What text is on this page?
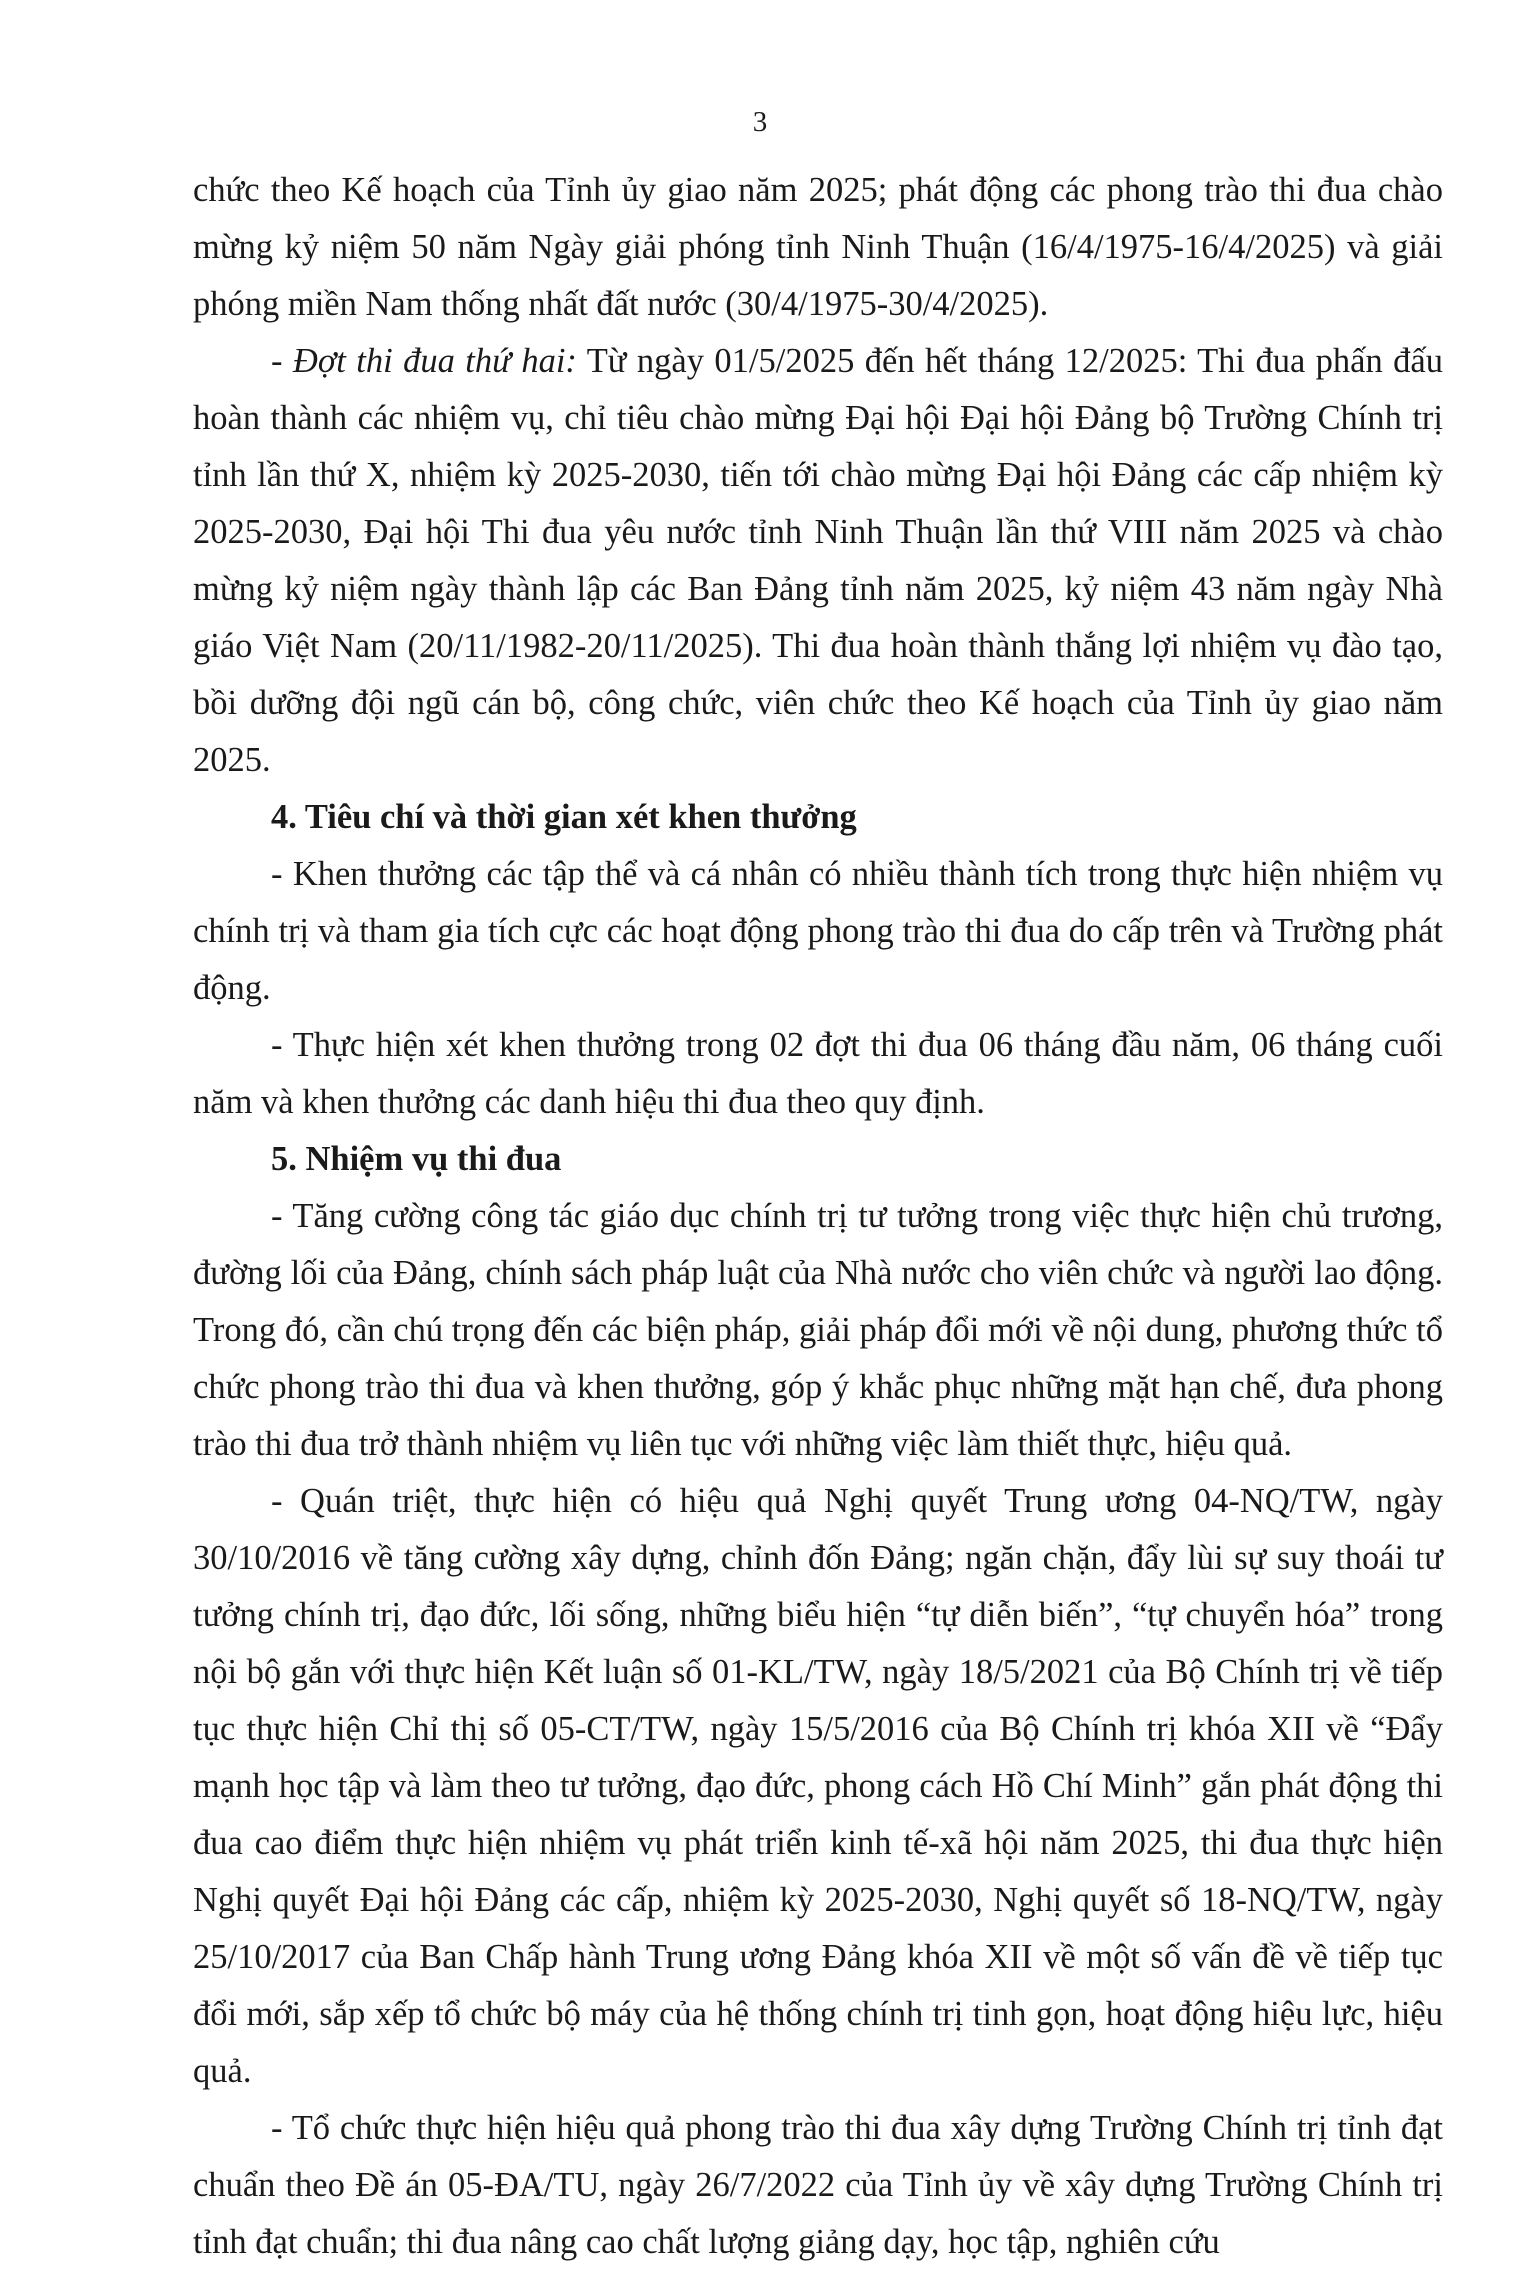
3

chức theo Kế hoạch của Tỉnh ủy giao năm 2025; phát động các phong trào thi đua chào mừng kỷ niệm 50 năm Ngày giải phóng tỉnh Ninh Thuận (16/4/1975-16/4/2025) và giải phóng miền Nam thống nhất đất nước (30/4/1975-30/4/2025).

- Đợt thi đua thứ hai: Từ ngày 01/5/2025 đến hết tháng 12/2025: Thi đua phấn đấu hoàn thành các nhiệm vụ, chỉ tiêu chào mừng Đại hội Đại hội Đảng bộ Trường Chính trị tỉnh lần thứ X, nhiệm kỳ 2025-2030, tiến tới chào mừng Đại hội Đảng các cấp nhiệm kỳ 2025-2030, Đại hội Thi đua yêu nước tỉnh Ninh Thuận lần thứ VIII năm 2025 và chào mừng kỷ niệm ngày thành lập các Ban Đảng tỉnh năm 2025, kỷ niệm 43 năm ngày Nhà giáo Việt Nam (20/11/1982-20/11/2025). Thi đua hoàn thành thắng lợi nhiệm vụ đào tạo, bồi dưỡng đội ngũ cán bộ, công chức, viên chức theo Kế hoạch của Tỉnh ủy giao năm 2025.

4. Tiêu chí và thời gian xét khen thưởng

- Khen thưởng các tập thể và cá nhân có nhiều thành tích trong thực hiện nhiệm vụ chính trị và tham gia tích cực các hoạt động phong trào thi đua do cấp trên và Trường phát động.

- Thực hiện xét khen thưởng trong 02 đợt thi đua 06 tháng đầu năm, 06 tháng cuối năm và khen thưởng các danh hiệu thi đua theo quy định.

5. Nhiệm vụ thi đua

- Tăng cường công tác giáo dục chính trị tư tưởng trong việc thực hiện chủ trương, đường lối của Đảng, chính sách pháp luật của Nhà nước cho viên chức và người lao động. Trong đó, cần chú trọng đến các biện pháp, giải pháp đổi mới về nội dung, phương thức tổ chức phong trào thi đua và khen thưởng, góp ý khắc phục những mặt hạn chế, đưa phong trào thi đua trở thành nhiệm vụ liên tục với những việc làm thiết thực, hiệu quả.

- Quán triệt, thực hiện có hiệu quả Nghị quyết Trung ương 04-NQ/TW, ngày 30/10/2016 về tăng cường xây dựng, chỉnh đốn Đảng; ngăn chặn, đẩy lùi sự suy thoái tư tưởng chính trị, đạo đức, lối sống, những biểu hiện “tự diễn biến”, “tự chuyển hóa” trong nội bộ gắn với thực hiện Kết luận số 01-KL/TW, ngày 18/5/2021 của Bộ Chính trị về tiếp tục thực hiện Chỉ thị số 05-CT/TW, ngày 15/5/2016 của Bộ Chính trị khóa XII về “Đẩy mạnh học tập và làm theo tư tưởng, đạo đức, phong cách Hồ Chí Minh” gắn phát động thi đua cao điểm thực hiện nhiệm vụ phát triển kinh tế-xã hội năm 2025, thi đua thực hiện Nghị quyết Đại hội Đảng các cấp, nhiệm kỳ 2025-2030, Nghị quyết số 18-NQ/TW, ngày 25/10/2017 của Ban Chấp hành Trung ương Đảng khóa XII về một số vấn đề về tiếp tục đổi mới, sắp xếp tổ chức bộ máy của hệ thống chính trị tinh gọn, hoạt động hiệu lực, hiệu quả.

- Tổ chức thực hiện hiệu quả phong trào thi đua xây dựng Trường Chính trị tỉnh đạt chuẩn theo Đề án 05-ĐA/TU, ngày 26/7/2022 của Tỉnh ủy về xây dựng Trường Chính trị tỉnh đạt chuẩn; thi đua nâng cao chất lượng giảng dạy, học tập, nghiên cứu
